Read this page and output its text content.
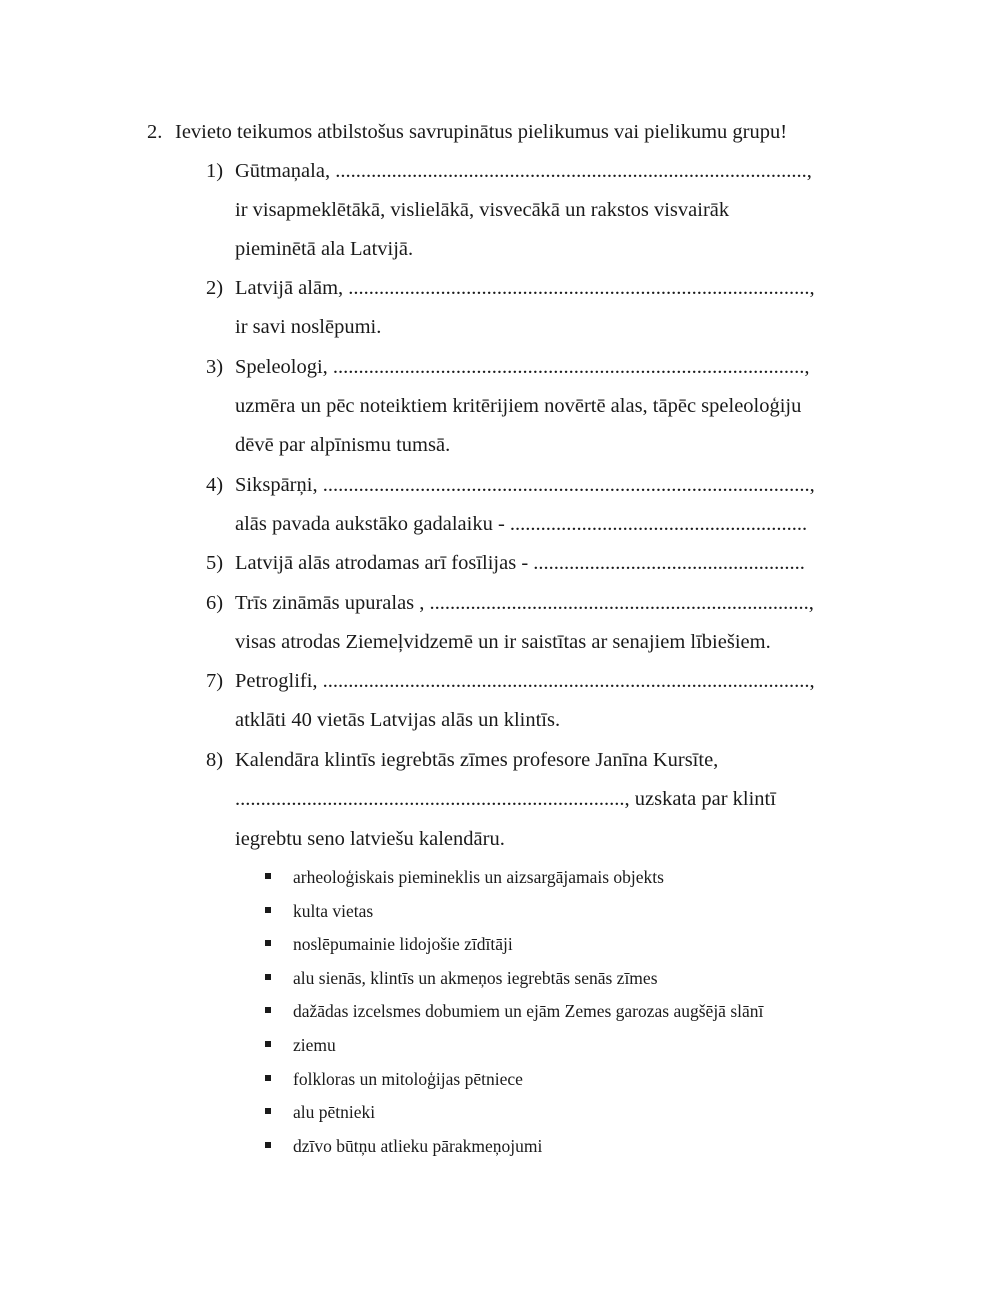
2. Ievieto teikumos atbilstošus savrupinātus pielikumus vai pielikumu grupu!
1) Gūtmaņala, ............................................................................................,
ir visapmeklētākā, vislielākā, visvecākā un rakstos visvairāk
pieminētā ala Latvijā.
2) Latvijā alām, ..........................................................................................,
ir savi noslēpumi.
3) Speleologi, ............................................................................................,
uzmēra un pēc noteiktiem kritērijiem novērtē alas, tāpēc speleoloģiju
dēvē par alpīnismu tumsā.
4) Sikspārņi, ...............................................................................................,
alās pavada aukstāko gadalaiku - ..........................................................
5) Latvijā alās atrodamas arī fosīlijas - .....................................................
6) Trīs zināmās upuralas , ..........................................................................,
visas atrodas Ziemeļvidzemē un ir saistītas ar senajiem lībiešiem.
7) Petroglifi, ...............................................................................................,
atklāti 40 vietās Latvijas alās un klintīs.
8) Kalendāra klintīs iegrebtās zīmes profesore Janīna Kursīte,
............................................................................, uzskata par klintī
iegrebtu seno latviešu kalendāru.
arheoloģiskais piemineklis un aizsargājamais objekts
kulta vietas
noslēpumainie lidojošie zīdītāji
alu sienās, klintīs un akmeņos iegrebtās senās zīmes
dažādas izcelsmes dobumiem un ejām Zemes garozas augšējā slānī
ziemu
folkloras un mitoloģijas pētniece
alu pētnieki
dzīvo būtņu atlieku pārakmeņojumi
